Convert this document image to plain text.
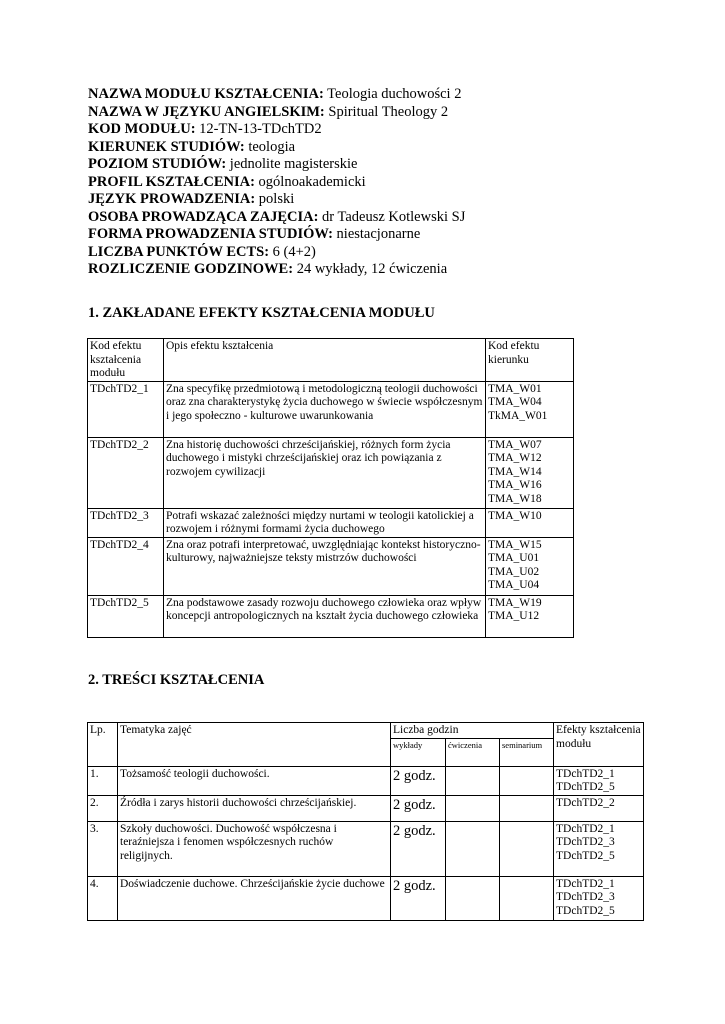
NAZWA MODUŁU KSZTAŁCENIA: Teologia duchowości 2
NAZWA W JĘZYKU ANGIELSKIM: Spiritual Theology 2
KOD MODUŁU: 12-TN-13-TDchTD2
KIERUNEK STUDIÓW: teologia
POZIOM STUDIÓW: jednolite magisterskie
PROFIL KSZTAŁCENIA: ogólnoakademicki
JĘZYK PROWADZENIA: polski
OSOBA PROWADZĄCA ZAJĘCIA: dr Tadeusz Kotlewski SJ
FORMA PROWADZENIA STUDIÓW: niestacjonarne
LICZBA PUNKTÓW ECTS: 6 (4+2)
ROZLICZENIE GODZINOWE: 24 wykłady, 12 ćwiczenia
1. ZAKŁADANE EFEKTY KSZTAŁCENIA MODUŁU
Kod efektu kształcenia modułu	Opis efektu kształcenia	Kod efektu kierunku
TDchTD2_1	Zna specyfikę przedmiotową i metodologiczną teologii duchowości oraz zna charakterystykę życia duchowego w świecie współczesnym i jego społeczno - kulturowe uwarunkowania	TMA_W01
TMA_W04
TkMA_W01

TDchTD2_2	Zna historię duchowości chrześcijańskiej, różnych form życia duchowego i mistyki chrześcijańskiej oraz ich powiązania z rozwojem cywilizacji	TMA_W07
TMA_W12
TMA_W14
TMA_W16
TMA_W18

TDchTD2_3	Potrafi wskazać zależności między nurtami w teologii katolickiej a rozwojem i różnymi formami życia duchowego	TMA_W10

TDchTD2_4	Zna oraz potrafi interpretować, uwzględniając kontekst historyczno-kulturowy, najważniejsze teksty mistrzów duchowości	TMA_W15
TMA_U01
TMA_U02
TMA_U04

TDchTD2_5	Zna podstawowe zasady rozwoju duchowego człowieka oraz wpływ koncepcji antropologicznych na kształt życia duchowego człowieka	TMA_W19
TMA_U12
2. TREŚCI KSZTAŁCENIA
Lp.	Tematyka zajęć	Liczba godzin			Efekty kształcenia modułu
		wykłady	ćwiczenia	seminarium	
1.	Tożsamość teologii duchowości.	2 godz.			TDchTD2_1
TDchTD2_5

2.	Źródła i zarys historii duchowości chrześcijańskiej.	2 godz.			TDchTD2_2

3.	Szkoły duchowości. Duchowość współczesna i teraźniejsza i fenomen współczesnych ruchów religijnych.	2 godz.			TDchTD2_1
TDchTD2_3
TDchTD2_5

4.	Doświadczenie duchowe. Chrześcijańskie życie duchowe	2 godz.			TDchTD2_1
TDchTD2_3
TDchTD2_5
